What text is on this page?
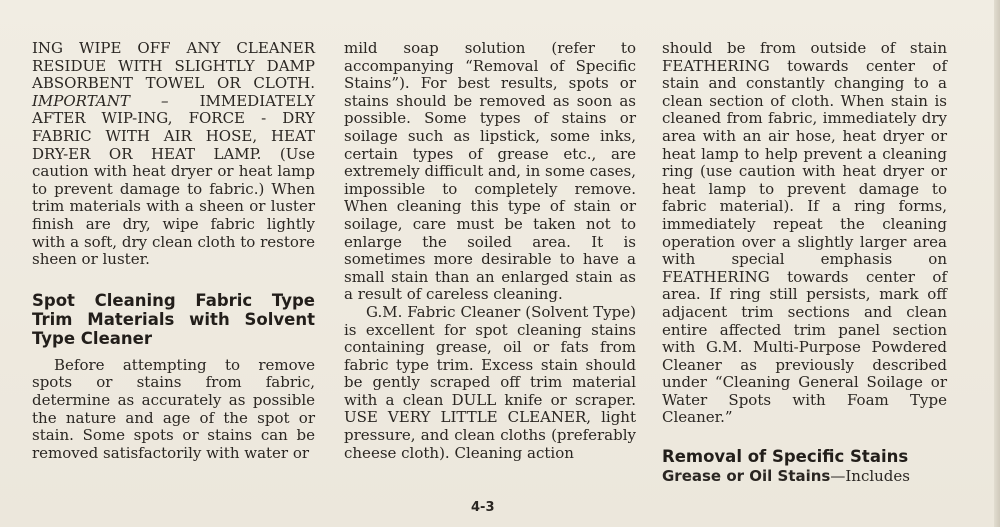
ING WIPE OFF ANY CLEANER RESIDUE WITH SLIGHTLY DAMP ABSORBENT TOWEL OR CLOTH. IMPORTANT – IMMEDIATELY AFTER WIP-ING, FORCE - DRY FABRIC WITH AIR HOSE, HEAT DRY-ER OR HEAT LAMP. (Use caution with heat dryer or heat lamp to prevent damage to fabric.) When trim materials with a sheen or luster finish are dry, wipe fabric lightly with a soft, dry clean cloth to restore sheen or luster.

Spot Cleaning Fabric Type Trim Materials with Solvent Type Cleaner

Before attempting to remove spots or stains from fabric, determine as accurately as possible the nature and age of the spot or stain. Some spots or stains can be removed satisfactorily with water or

mild soap solution (refer to accompanying “Removal of Specific Stains”). For best results, spots or stains should be removed as soon as possible. Some types of stains or soilage such as lipstick, some inks, certain types of grease etc., are extremely difficult and, in some cases, impossible to completely remove. When cleaning this type of stain or soilage, care must be taken not to enlarge the soiled area. It is sometimes more desirable to have a small stain than an enlarged stain as a result of careless cleaning.

G.M. Fabric Cleaner (Solvent Type) is excellent for spot cleaning stains containing grease, oil or fats from fabric type trim. Excess stain should be gently scraped off trim material with a clean DULL knife or scraper. USE VERY LITTLE CLEANER, light pressure, and clean cloths (preferably cheese cloth). Cleaning action

should be from outside of stain FEATHERING towards center of stain and constantly changing to a clean section of cloth. When stain is cleaned from fabric, immediately dry area with an air hose, heat dryer or heat lamp to help prevent a cleaning ring (use caution with heat dryer or heat lamp to prevent damage to fabric material). If a ring forms, immediately repeat the cleaning operation over a slightly larger area with special emphasis on FEATHERING towards center of area. If ring still persists, mark off adjacent trim sections and clean entire affected trim panel section with G.M. Multi-Purpose Powdered Cleaner as previously described under “Cleaning General Soilage or Water Spots with Foam Type Cleaner.”

Removal of Specific Stains

Grease or Oil Stains—Includes

4-3
